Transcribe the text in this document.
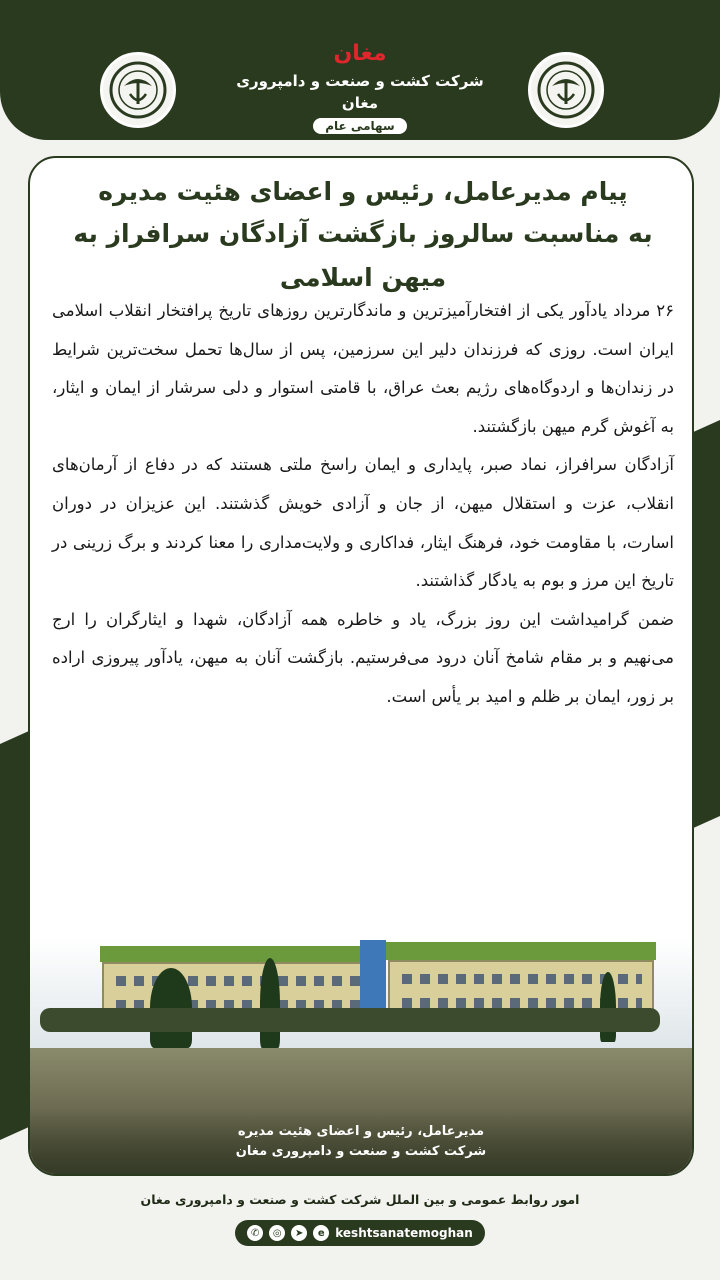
مغان
شرکت کشت و صنعت و دامپروری مغان
سهامی عام
پیام مدیرعامل، رئیس و اعضای هئیت مدیره
به مناسبت سالروز بازگشت آزادگان سرافراز به میهن اسلامی

۲۶ مرداد یادآور یکی از افتخارآمیزترین و ماندگارترین روزهای تاریخ پرافتخار انقلاب اسلامی ایران است. روزی که فرزندان دلیر این سرزمین، پس از سال‌ها تحمل سخت‌ترین شرایط در زندان‌ها و اردوگاه‌های رژیم بعث عراق، با قامتی استوار و دلی سرشار از ایمان و ایثار، به آغوش گرم میهن بازگشتند.

آزادگان سرافراز، نماد صبر، پایداری و ایمان راسخ ملتی هستند که در دفاع از آرمان‌های انقلاب، عزت و استقلال میهن، از جان و آزادی خویش گذشتند. این عزیزان در دوران اسارت، با مقاومت خود، فرهنگ ایثار، فداکاری و ولایت‌مداری را معنا کردند و برگ زرینی در تاریخ این مرز و بوم به یادگار گذاشتند.

ضمن گرامیداشت این روز بزرگ، یاد و خاطره همه آزادگان، شهدا و ایثارگران را ارج می‌نهیم و بر مقام شامخ آنان درود می‌فرستیم. بازگشت آنان به میهن، یادآور پیروزی اراده بر زور، ایمان بر ظلم و امید بر یأس است.

مدیرعامل، رئیس و اعضای هئیت مدیره
شرکت کشت و صنعت و دامپروری مغان
امور روابط عمومی و بین الملل شرکت کشت و صنعت و دامپروری مغان
✆	◎	➤	e keshtsanatemoghan
